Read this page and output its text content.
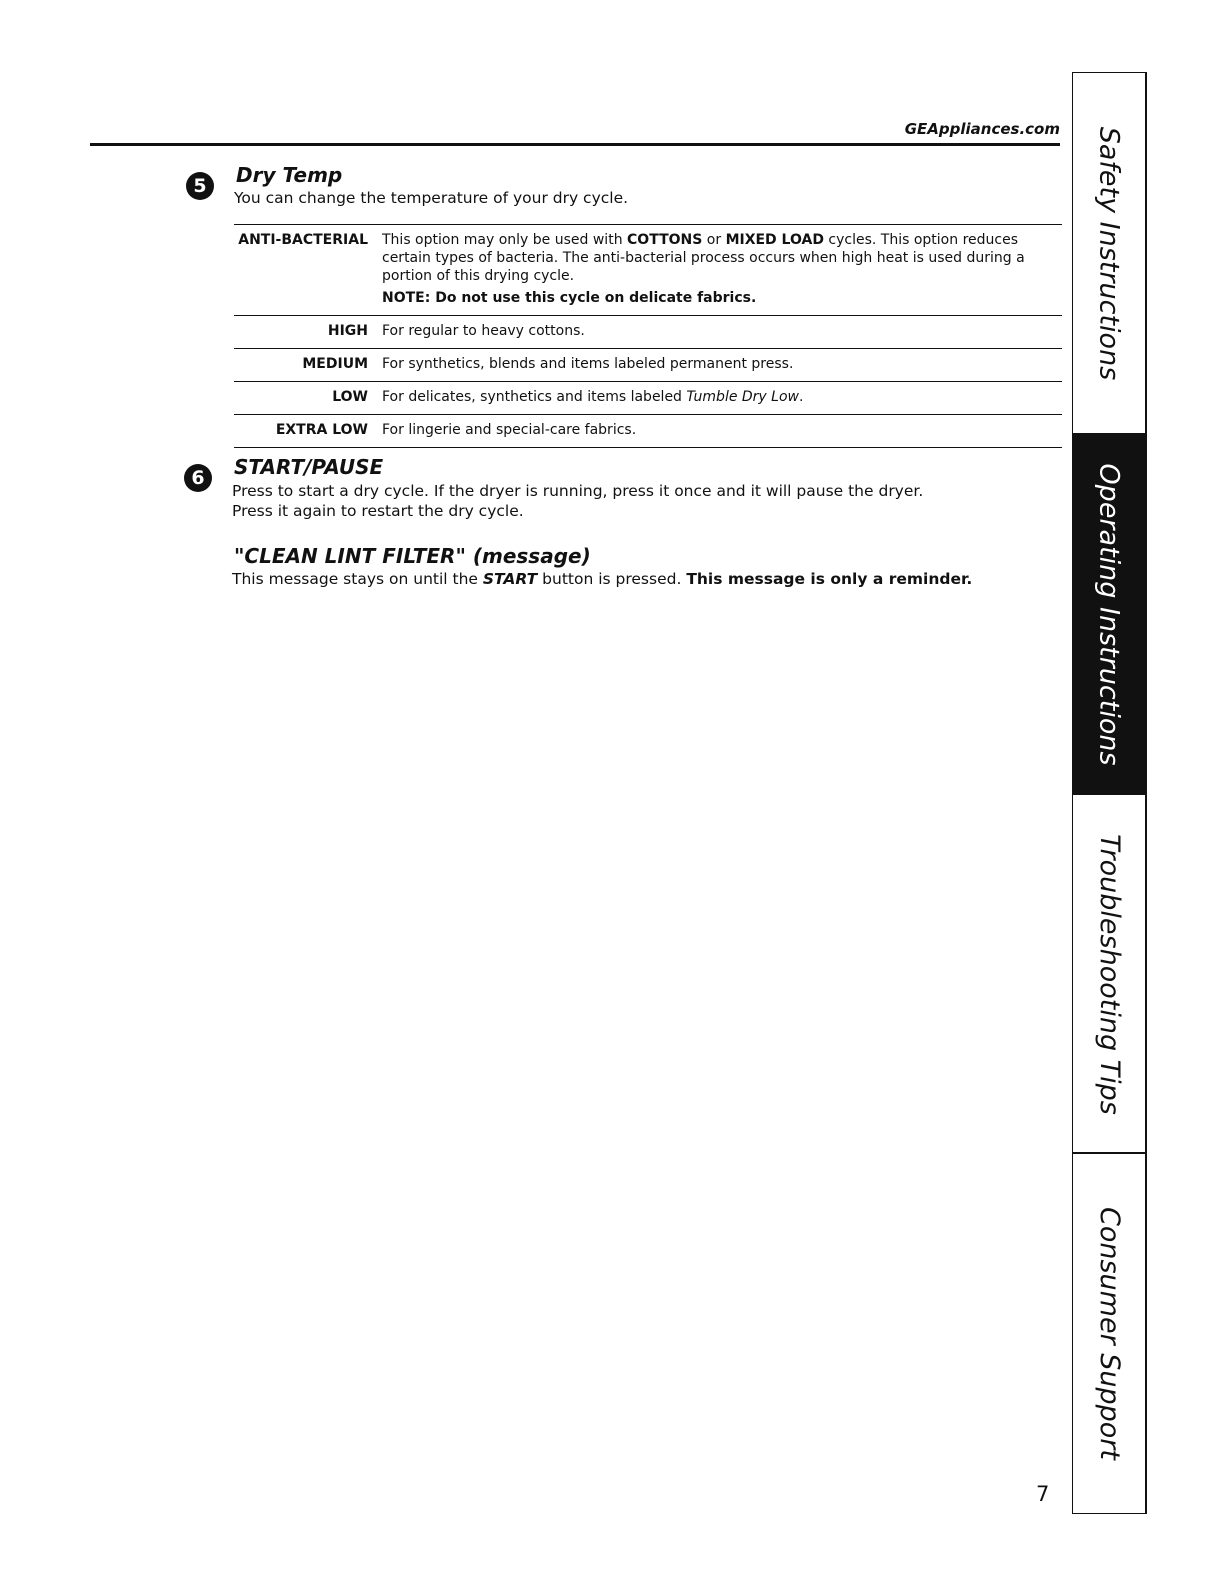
GEAppliances.com
5	Dry Temp
You can change the temperature of your dry cycle.
ANTI-BACTERIAL	This option may only be used with COTTONS or MIXED LOAD cycles. This option reduces certain types of bacteria. The anti-bacterial process occurs when high heat is used during a portion of this drying cycle.
NOTE: Do not use this cycle on delicate fabrics.

HIGH	For regular to heavy cottons.
MEDIUM	For synthetics, blends and items labeled permanent press.
LOW	For delicates, synthetics and items labeled Tumble Dry Low.
EXTRA LOW	For lingerie and special-care fabrics.
6	START/PAUSE
Press to start a dry cycle. If the dryer is running, press it once and it will pause the dryer.
Press it again to restart the dry cycle.
"CLEAN LINT FILTER" (message)
This message stays on until the START button is pressed. This message is only a reminder.
Safety Instructions
Operating Instructions
Troubleshooting Tips
Consumer Support
7
